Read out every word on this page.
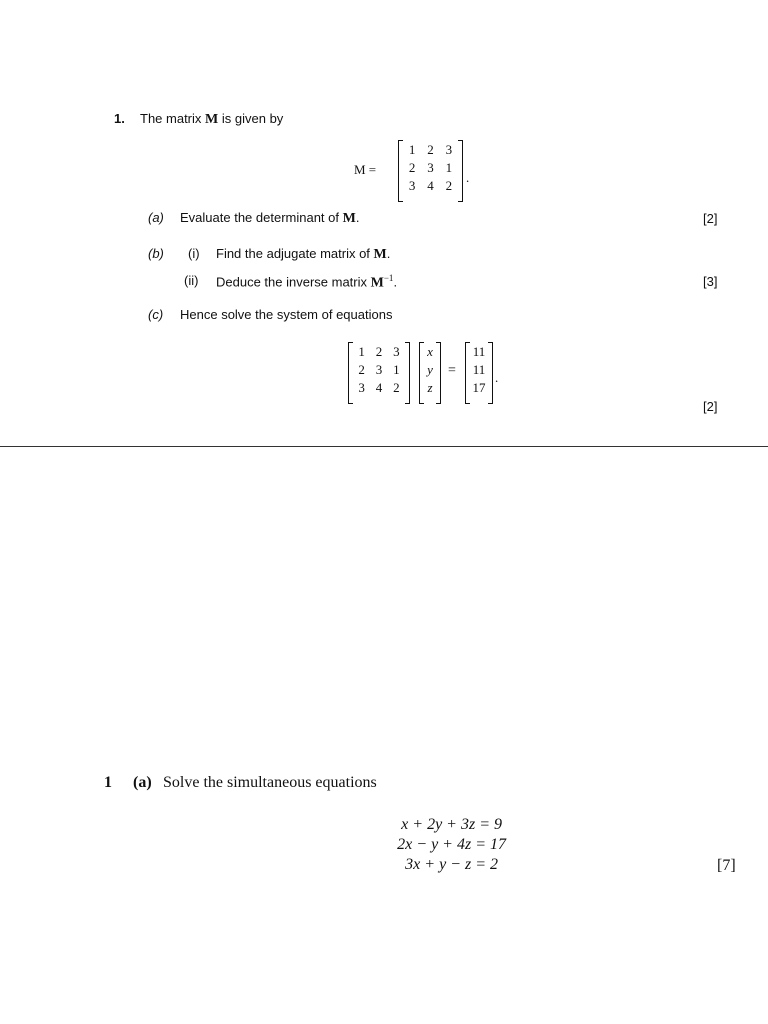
1. The matrix M is given by
M =
1 2 3
2 3 1
3 4 2
.
(a) Evaluate the determinant of M.	[2]
(b) (i) Find the adjugate matrix of M.
(ii) Deduce the inverse matrix $M^{-1}$.	[3]
(c) Hence solve the system of equations
1 2 3
2 3 1
3 4 2
x
y
z
=
11
11
17
.
[2]
1 (a) Solve the simultaneous equations
x + 2y + 3z = 9
2x − y + 4z = 17
3x + y − z = 2	[7]
